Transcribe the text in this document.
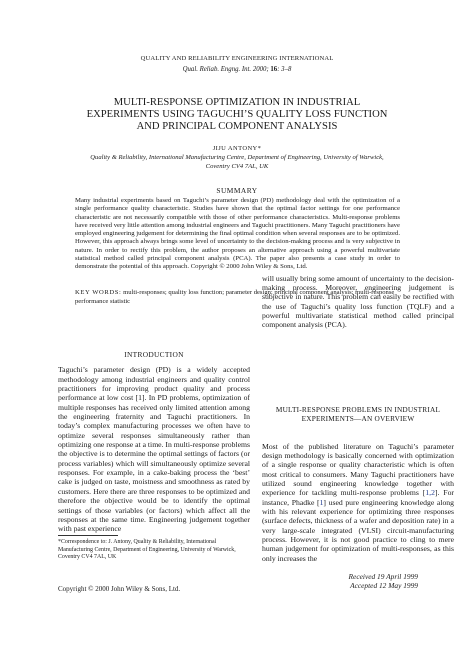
QUALITY AND RELIABILITY ENGINEERING INTERNATIONAL
Qual. Reliab. Engng. Int. 2000; 16: 3–8
MULTI-RESPONSE OPTIMIZATION IN INDUSTRIAL
EXPERIMENTS USING TAGUCHI’S QUALITY LOSS FUNCTION
AND PRINCIPAL COMPONENT ANALYSIS
JIJU ANTONY*
Quality & Reliability, International Manufacturing Centre, Department of Engineering, University of Warwick,
Coventry CV4 7AL, UK
SUMMARY
Many industrial experiments based on Taguchi’s parameter design (PD) methodology deal with the optimization of a single performance quality characteristic. Studies have shown that the optimal factor settings for one performance characteristic are not necessarily compatible with those of other performance characteristics. Multi-response problems have received very little attention among industrial engineers and Taguchi practitioners. Many Taguchi practitioners have employed engineering judgement for determining the final optimal condition when several responses are to be optimized. However, this approach always brings some level of uncertainty to the decision-making process and is very subjective in nature. In order to rectify this problem, the author proposes an alternative approach using a powerful multivariate statistical method called principal component analysis (PCA). The paper also presents a case study in order to demonstrate the potential of this approach. Copyright © 2000 John Wiley & Sons, Ltd.
KEY WORDS: multi-responses; quality loss function; parameter design; principal component analysis; multi-response performance statistic
INTRODUCTION

Taguchi’s parameter design (PD) is a widely accepted methodology among industrial engineers and quality control practitioners for improving product quality and process performance at low cost [1]. In PD problems, optimization of multiple responses has received only limited attention among the engineering fraternity and Taguchi practitioners. In today’s complex manufacturing processes we often have to optimize several responses simultaneously rather than optimizing one response at a time. In multi-response problems the objective is to determine the optimal settings of factors (or process variables) which will simultaneously optimize several responses. For example, in a cake-baking process the ‘best’ cake is judged on taste, moistness and smoothness as rated by customers. Here there are three responses to be optimized and therefore the objective would be to identify the optimal settings of those variables (or factors) which affect all the responses at the same time. Engineering judgement together with past experience

will usually bring some amount of uncertainty to the decision-making process. Moreover, engineering judgement is subjective in nature. This problem can easily be rectified with the use of Taguchi’s quality loss function (TQLF) and a powerful multivariate statistical method called principal component analysis (PCA).

MULTI-RESPONSE PROBLEMS IN INDUSTRIAL
EXPERIMENTS—AN OVERVIEW

Most of the published literature on Taguchi’s parameter design methodology is basically concerned with optimization of a single response or quality characteristic which is often most critical to consumers. Many Taguchi practitioners have utilized sound engineering knowledge together with experience for tackling multi-response problems [1,2]. For instance, Phadke [1] used pure engineering knowledge along with his relevant experience for optimizing three responses (surface defects, thickness of a wafer and deposition rate) in a very large-scale integrated (VLSI) circuit-manufacturing process. However, it is not good practice to cling to mere human judgement for optimization of multi-responses, as this only increases the

*Correspondence to: J. Antony, Quality & Reliability, International Manufacturing Centre, Department of Engineering, University of Warwick, Coventry CV4 7AL, UK
Copyright © 2000 John Wiley & Sons, Ltd.
Received 19 April 1999
Accepted 12 May 1999
